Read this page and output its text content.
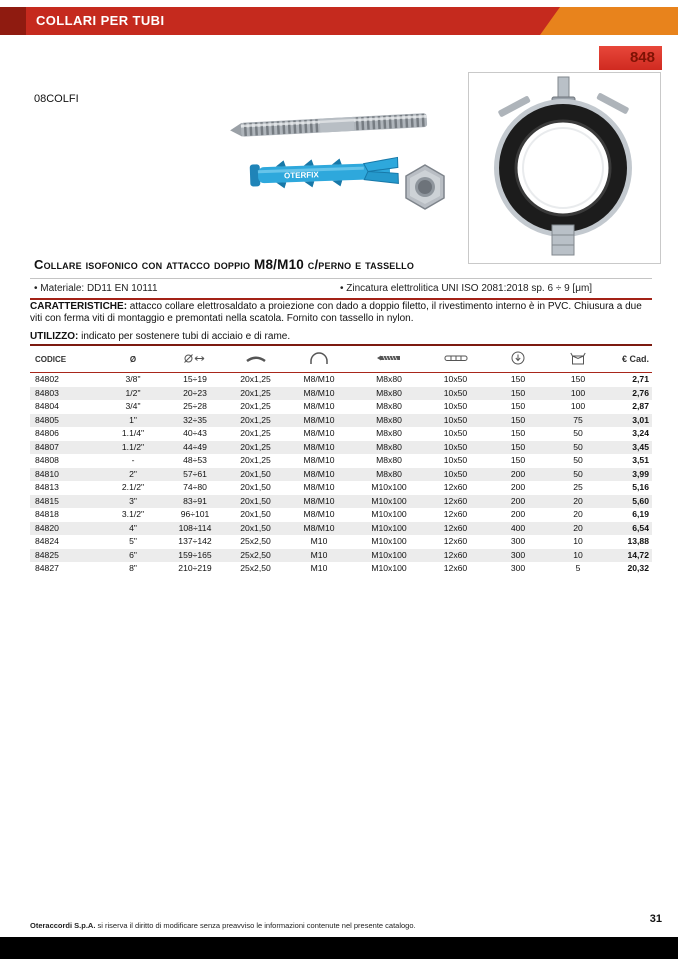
COLLARI PER TUBI
848
08COLFI
OTERFIX
Collare isofonico con attacco doppio M8/M10 c/perno e tassello
• Materiale: DD11 EN 10111	• Zincatura elettrolitica UNI ISO 2081:2018 sp. 6 ÷ 9 [μm]

CARATTERISTICHE: attacco collare elettrosaldato a proiezione con dado a doppio filetto, il rivestimento interno è in PVC. Chiusura a due viti con ferma viti di montaggio e premontati nella scatola. Fornito con tassello in nylon.

UTILIZZO: indicato per sostenere tubi di acciaio e di rame.

CODICE	Ø								€ Cad.
84802	3/8"	15÷19	20x1,25	M8/M10	M8x80	10x50	150	150	2,71
84803	1/2"	20÷23	20x1,25	M8/M10	M8x80	10x50	150	100	2,76
84804	3/4"	25÷28	20x1,25	M8/M10	M8x80	10x50	150	100	2,87
84805	1"	32÷35	20x1,25	M8/M10	M8x80	10x50	150	75	3,01
84806	1.1/4"	40÷43	20x1,25	M8/M10	M8x80	10x50	150	50	3,24
84807	1.1/2"	44÷49	20x1,25	M8/M10	M8x80	10x50	150	50	3,45
84808	-	48÷53	20x1,25	M8/M10	M8x80	10x50	150	50	3,51
84810	2"	57÷61	20x1,50	M8/M10	M8x80	10x50	200	50	3,99
84813	2.1/2"	74÷80	20x1,50	M8/M10	M10x100	12x60	200	25	5,16
84815	3"	83÷91	20x1,50	M8/M10	M10x100	12x60	200	20	5,60
84818	3.1/2"	96÷101	20x1,50	M8/M10	M10x100	12x60	200	20	6,19
84820	4"	108÷114	20x1,50	M8/M10	M10x100	12x60	400	20	6,54
84824	5"	137÷142	25x2,50	M10	M10x100	12x60	300	10	13,88
84825	6"	159÷165	25x2,50	M10	M10x100	12x60	300	10	14,72
84827	8"	210÷219	25x2,50	M10	M10x100	12x60	300	5	20,32
Oteraccordi S.p.A. si riserva il diritto di modificare senza preavviso le informazioni contenute nel presente catalogo.
31
